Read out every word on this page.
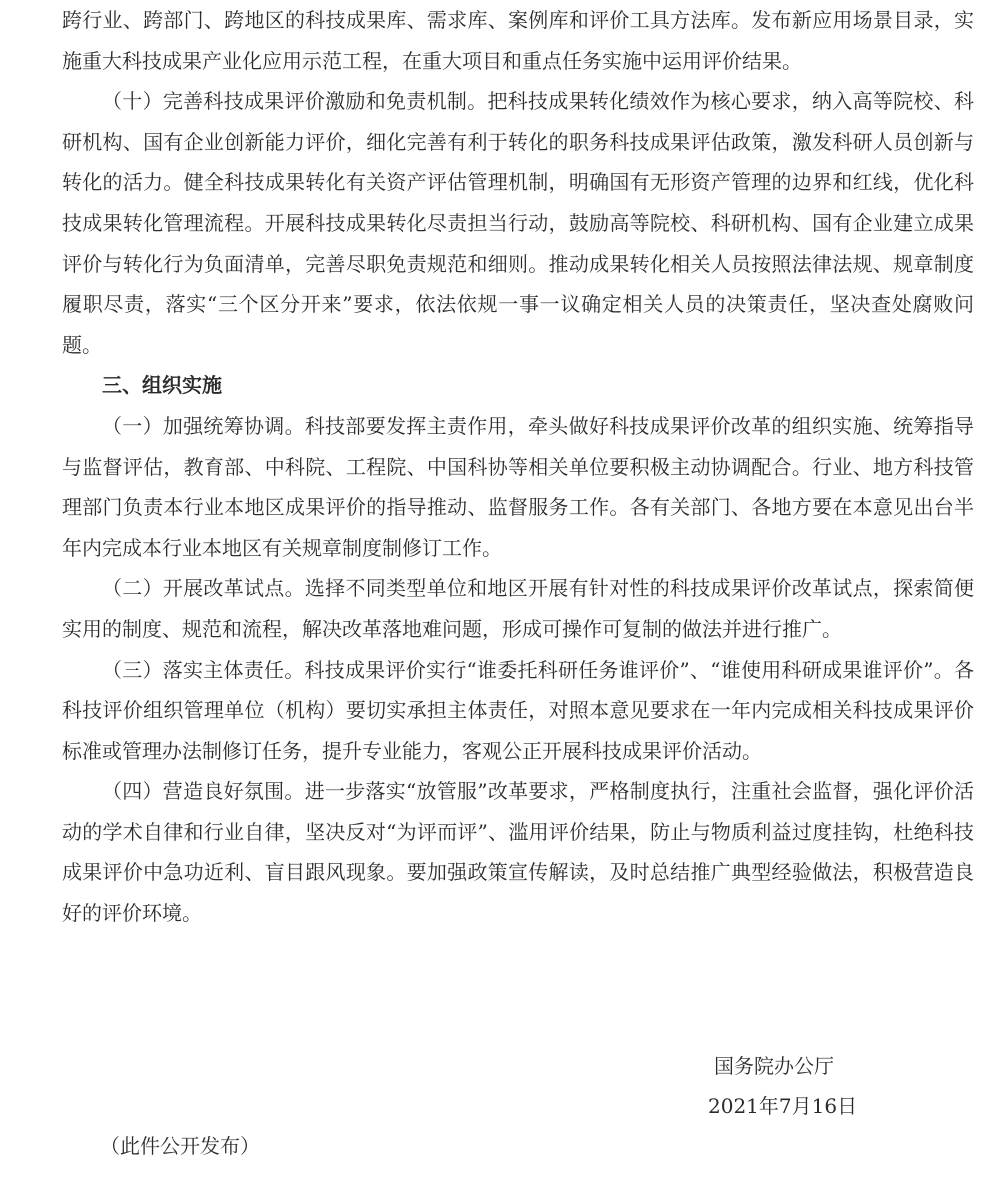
跨行业、跨部门、跨地区的科技成果库、需求库、案例库和评价工具方法库。发布新应用场景目录，实施重大科技成果产业化应用示范工程，在重大项目和重点任务实施中运用评价结果。

（十）完善科技成果评价激励和免责机制。把科技成果转化绩效作为核心要求，纳入高等院校、科研机构、国有企业创新能力评价，细化完善有利于转化的职务科技成果评估政策，激发科研人员创新与转化的活力。健全科技成果转化有关资产评估管理机制，明确国有无形资产管理的边界和红线，优化科技成果转化管理流程。开展科技成果转化尽责担当行动，鼓励高等院校、科研机构、国有企业建立成果评价与转化行为负面清单，完善尽职免责规范和细则。推动成果转化相关人员按照法律法规、规章制度履职尽责，落实“三个区分开来”要求，依法依规一事一议确定相关人员的决策责任，坚决查处腐败问题。

三、组织实施

（一）加强统筹协调。科技部要发挥主责作用，牵头做好科技成果评价改革的组织实施、统筹指导与监督评估，教育部、中科院、工程院、中国科协等相关单位要积极主动协调配合。行业、地方科技管理部门负责本行业本地区成果评价的指导推动、监督服务工作。各有关部门、各地方要在本意见出台半年内完成本行业本地区有关规章制度制修订工作。

（二）开展改革试点。选择不同类型单位和地区开展有针对性的科技成果评价改革试点，探索简便实用的制度、规范和流程，解决改革落地难问题，形成可操作可复制的做法并进行推广。

（三）落实主体责任。科技成果评价实行“谁委托科研任务谁评价”、“谁使用科研成果谁评价”。各科技评价组织管理单位（机构）要切实承担主体责任，对照本意见要求在一年内完成相关科技成果评价标准或管理办法制修订任务，提升专业能力，客观公正开展科技成果评价活动。

（四）营造良好氛围。进一步落实“放管服”改革要求，严格制度执行，注重社会监督，强化评价活动的学术自律和行业自律，坚决反对“为评而评”、滥用评价结果，防止与物质利益过度挂钩，杜绝科技成果评价中急功近利、盲目跟风现象。要加强政策宣传解读，及时总结推广典型经验做法，积极营造良好的评价环境。

国务院办公厅

2021年7月16日

（此件公开发布）
